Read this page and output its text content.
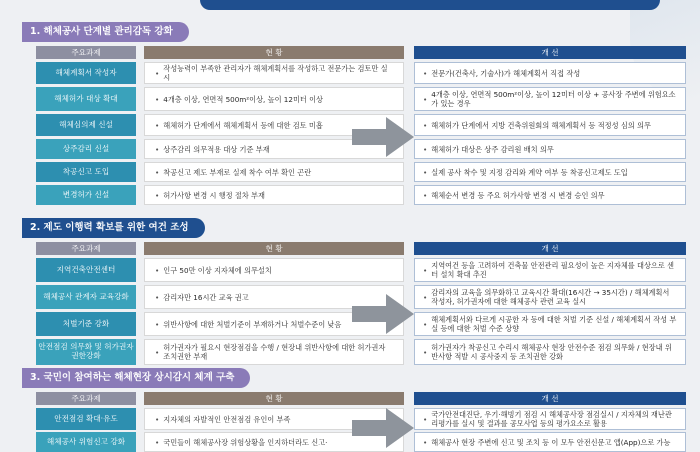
1. 해체공사 단계별 관리감독 강화
주요과제	현 황	개 선
해체계획서 작성자	• 작성능력이 부족한 관리자가 해체계획서를 작성하고 전문가는 검토만 실시	• 전문가(건축사, 기술사)가 해체계획서 직접 작성
해체허가 대상 확대	• 4개층 이상, 연면적 500m²이상, 높이 12미터 이상	• 4개층 이상, 연면적 500m²이상, 높이 12미터 이상 + 공사장 주변에 위험요소가 있는 경우
해체심의제 신설	• 해체허가 단계에서 해체계획서 등에 대한 검토 미흡	• 해체허가 단계에서 지방 건축위원회의 해체계획서 등 적정성 심의 의무
상주감리 신설	• 상주감리 의무적용 대상 기준 부재	• 해체허가 대상은 상주 감리원 배치 의무
착공신고 도입	• 착공신고 제도 부재로 실제 착수 여부 확인 곤란	• 실제 공사 착수 및 지정 감리와 계약 여부 등 착공신고제도 도입
변경허가 신설	• 허가사항 변경 시 행정 절차 부재	• 해체순서 변경 등 주요 허가사항 변경 시 변경 승인 의무
2. 제도 이행력 확보를 위한 여건 조성
주요과제	현 황	개 선
지역건축안전센터	• 인구 50만 이상 지자체에 의무설치	• 지역여건 등을 고려하여 건축물 안전관리 필요성이 높은 지자체를 대상으로 센터 설치 확대 추진
해체공사 관계자 교육강화	• 감리자만 16시간 교육 권고	• 감리자의 교육을 의무화하고 교육시간 확대(16시간 → 35시간) / 해체계획서 작성자, 허가권자에 대한 해체공사 관련 교육 실시
처벌기준 강화	• 위반사항에 대한 처벌기준이 부재하거나 처벌수준이 낮음	• 해체계획서와 다르게 시공한 자 등에 대한 처벌 기준 신설 / 해체계획서 작성 부실 등에 대한 처벌 수준 상향
안전점검 의무화 및 허가권자 권한강화	• 허가권자가 필요시 현장점검을 수행 / 현장내 위반사항에 대한 허가권자 조치권한 부재	• 허가권자가 착공신고 수리시 해체공사 현장 안전수준 점검 의무화 / 현장내 위반사항 적발 시 공사중지 등 조치권한 강화
3. 국민이 참여하는 해체현장 상시감시 체계 구축
주요과제	현 황	개 선
안전점검 확대·유도	• 지자체의 자발적인 안전점검 유인이 부족	• 국가안전대진단, 우기·해빙기 점검 시 해체공사장 점검실시 / 지자체의 재난관리평가를 실시 및 결과를 공모사업 등의 평가요소로 활용
해체공사 위험신고 강화	• 국민들이 해체공사장 위험상황을 인지하더라도 신고·	• 해체공사 현장 주변에 신고 및 조치 등 이 모두 안전신문고 앱(App)으로 가능
